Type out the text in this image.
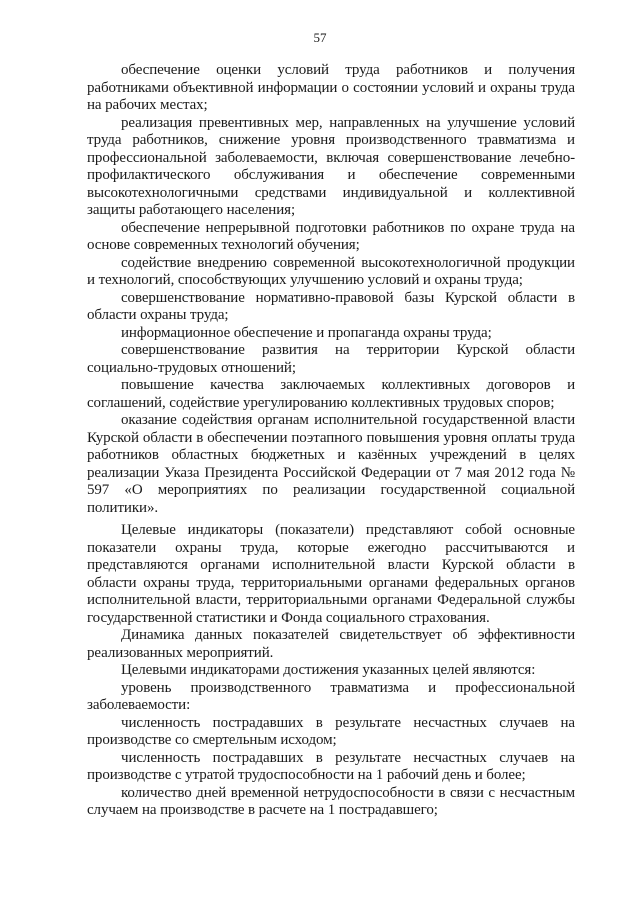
57

обеспечение оценки условий труда работников и получения работниками объективной информации о состоянии условий и охраны труда на рабочих местах;

реализация превентивных мер, направленных на улучшение условий труда работников, снижение уровня производственного травматизма и профессиональной заболеваемости, включая совершенствование лечебно-профилактического обслуживания и обеспечение современными высокотехнологичными средствами индивидуальной и коллективной защиты работающего населения;

обеспечение непрерывной подготовки работников по охране труда на основе современных технологий обучения;

содействие внедрению современной высокотехнологичной продукции и технологий, способствующих улучшению условий и охраны труда;

совершенствование нормативно-правовой базы Курской области в области охраны труда;

информационное обеспечение и пропаганда охраны труда;

совершенствование развития на территории Курской области социально-трудовых отношений;

повышение качества заключаемых коллективных договоров и соглашений, содействие урегулированию коллективных трудовых споров;

оказание содействия органам исполнительной государственной власти Курской области в обеспечении поэтапного повышения уровня оплаты труда работников областных бюджетных и казённых учреждений в целях реализации Указа Президента Российской Федерации от 7 мая 2012 года № 597 «О мероприятиях по реализации государственной социальной политики».

Целевые индикаторы (показатели) представляют собой основные показатели охраны труда, которые ежегодно рассчитываются и представляются органами исполнительной власти Курской области в области охраны труда, территориальными органами федеральных органов исполнительной власти, территориальными органами Федеральной службы государственной статистики и Фонда социального страхования.

Динамика данных показателей свидетельствует об эффективности реализованных мероприятий.

Целевыми индикаторами достижения указанных целей являются:

уровень производственного травматизма и профессиональной заболеваемости:

численность пострадавших в результате несчастных случаев на производстве со смертельным исходом;

численность пострадавших в результате несчастных случаев на производстве с утратой трудоспособности на 1 рабочий день и более;

количество дней временной нетрудоспособности в связи с несчастным случаем на производстве в расчете на 1 пострадавшего;
